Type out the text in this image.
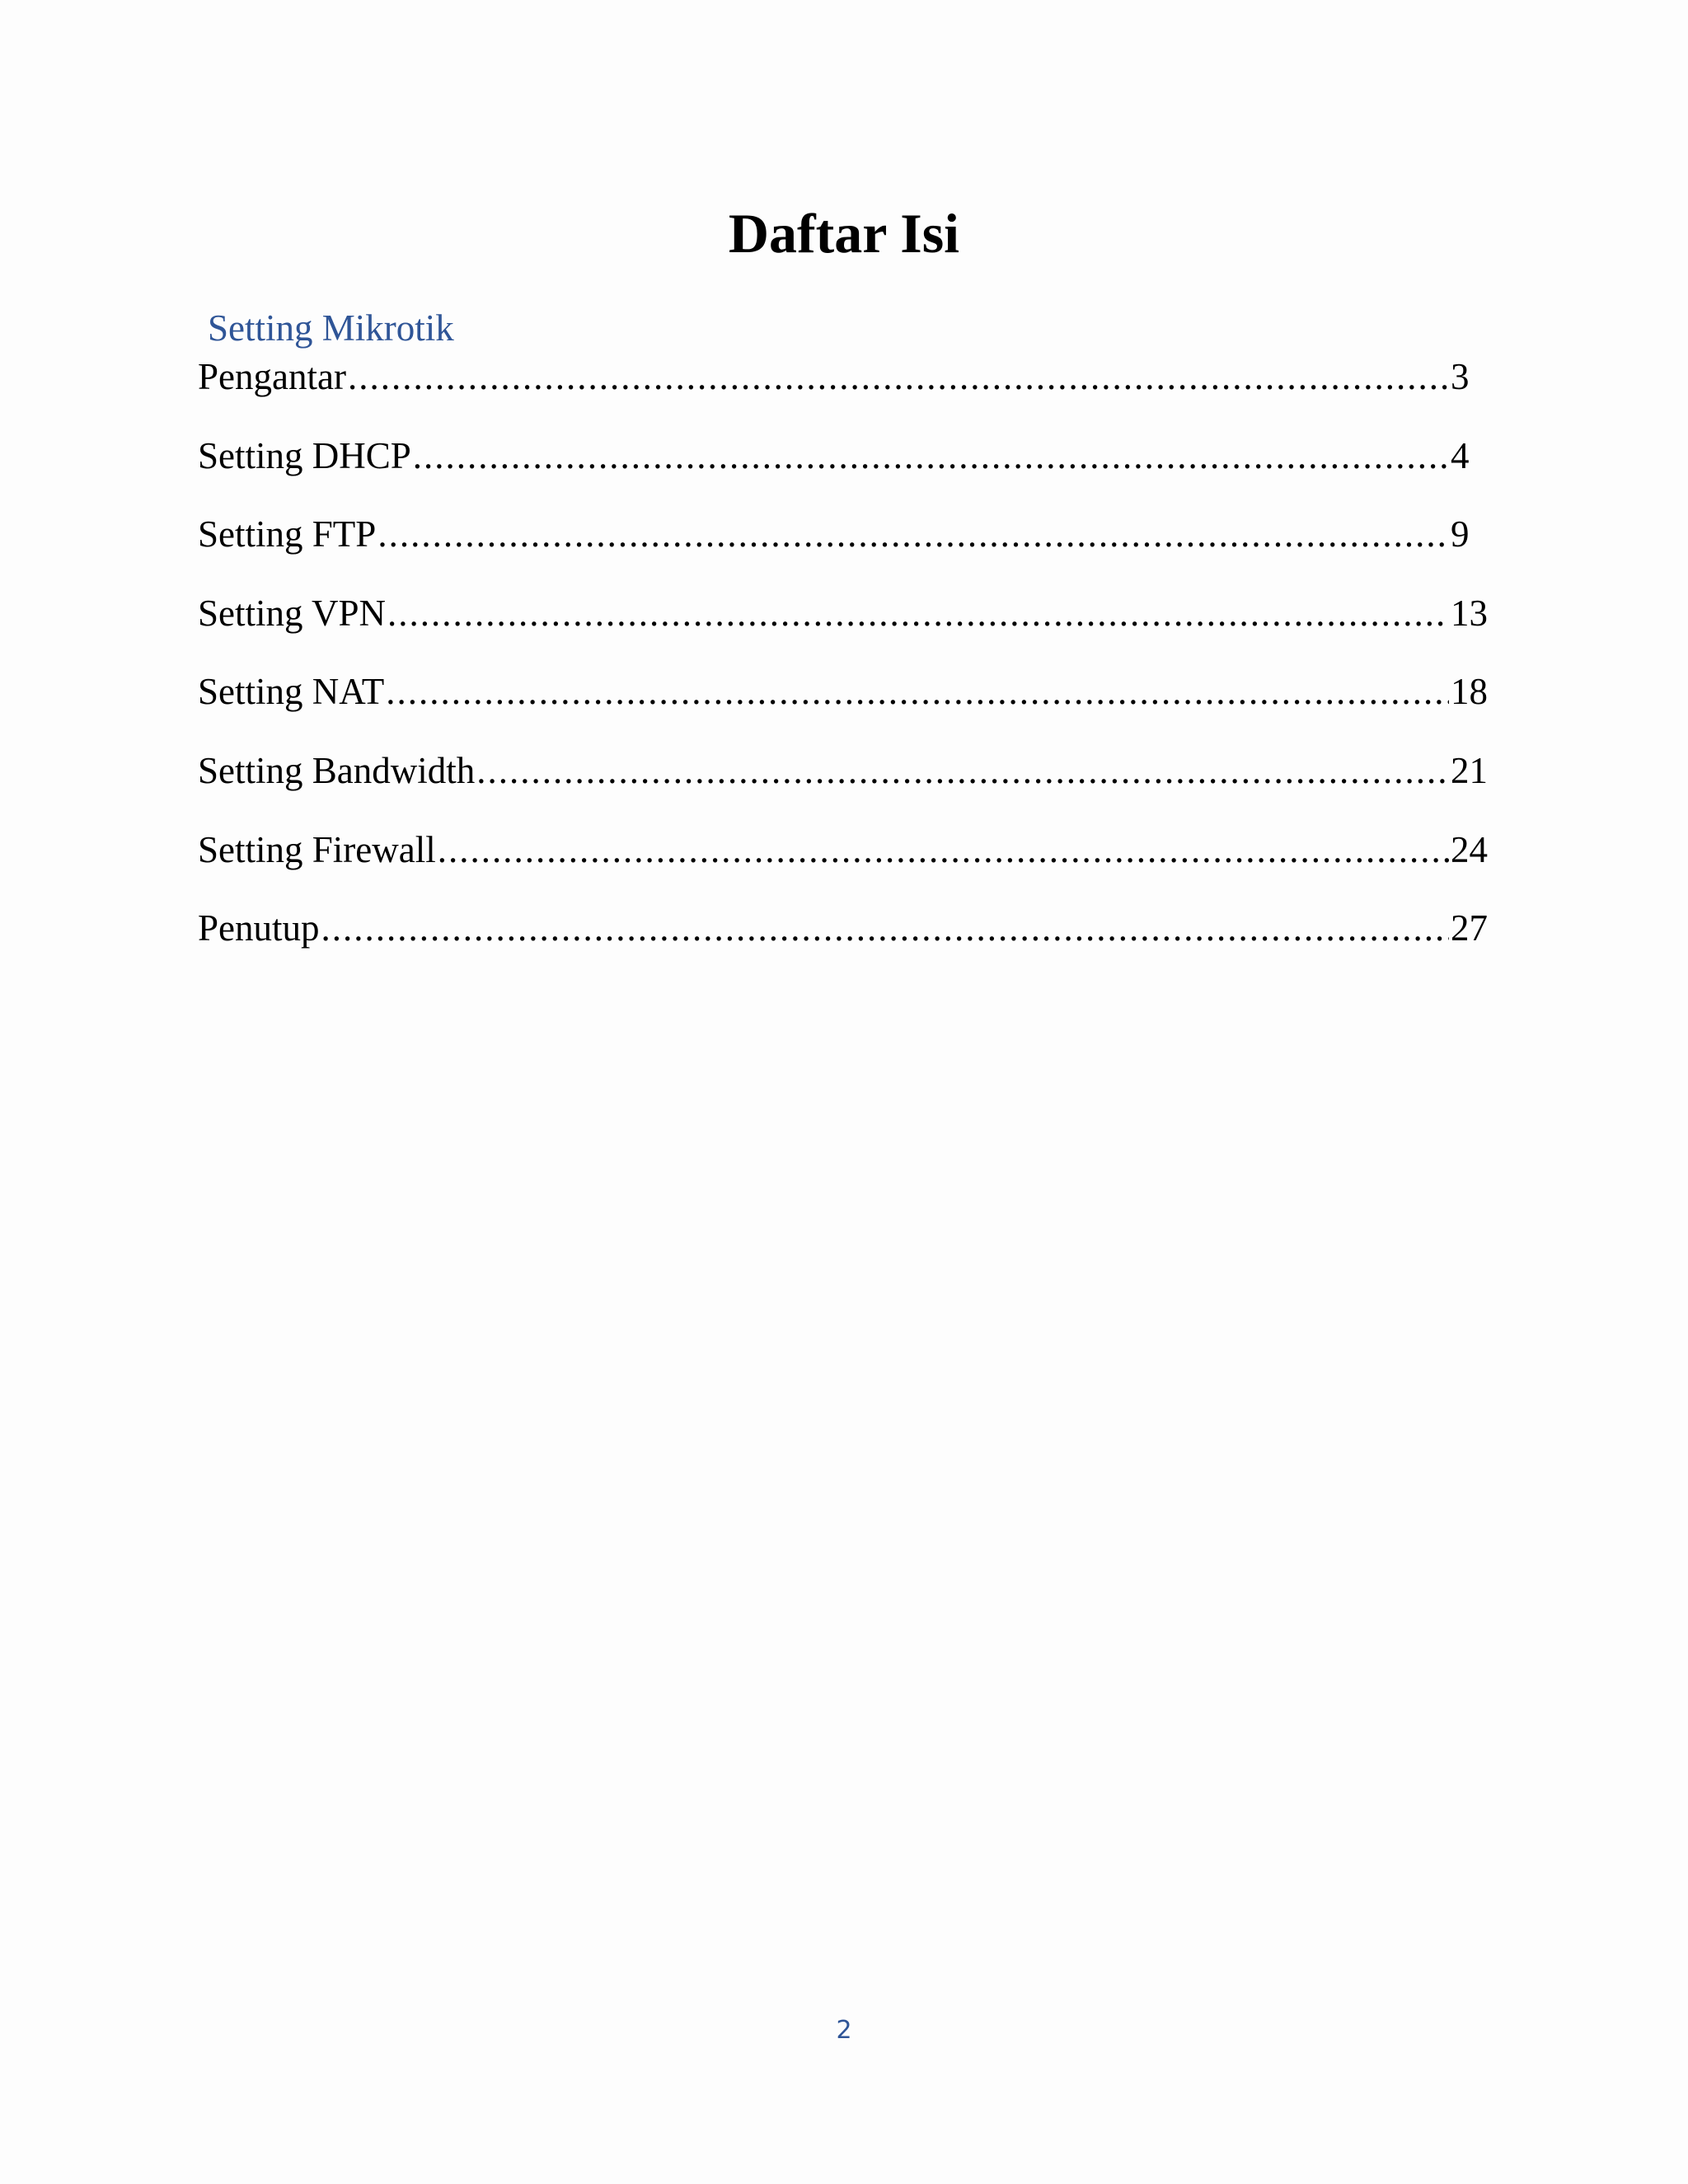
Daftar Isi
Setting Mikrotik
Pengantar .....	3
Setting DHCP .....	4
Setting FTP .....	9
Setting VPN .....	13
Setting NAT .....	18
Setting Bandwidth .....	21
Setting Firewall .....	24
Penutup .....	27
2
